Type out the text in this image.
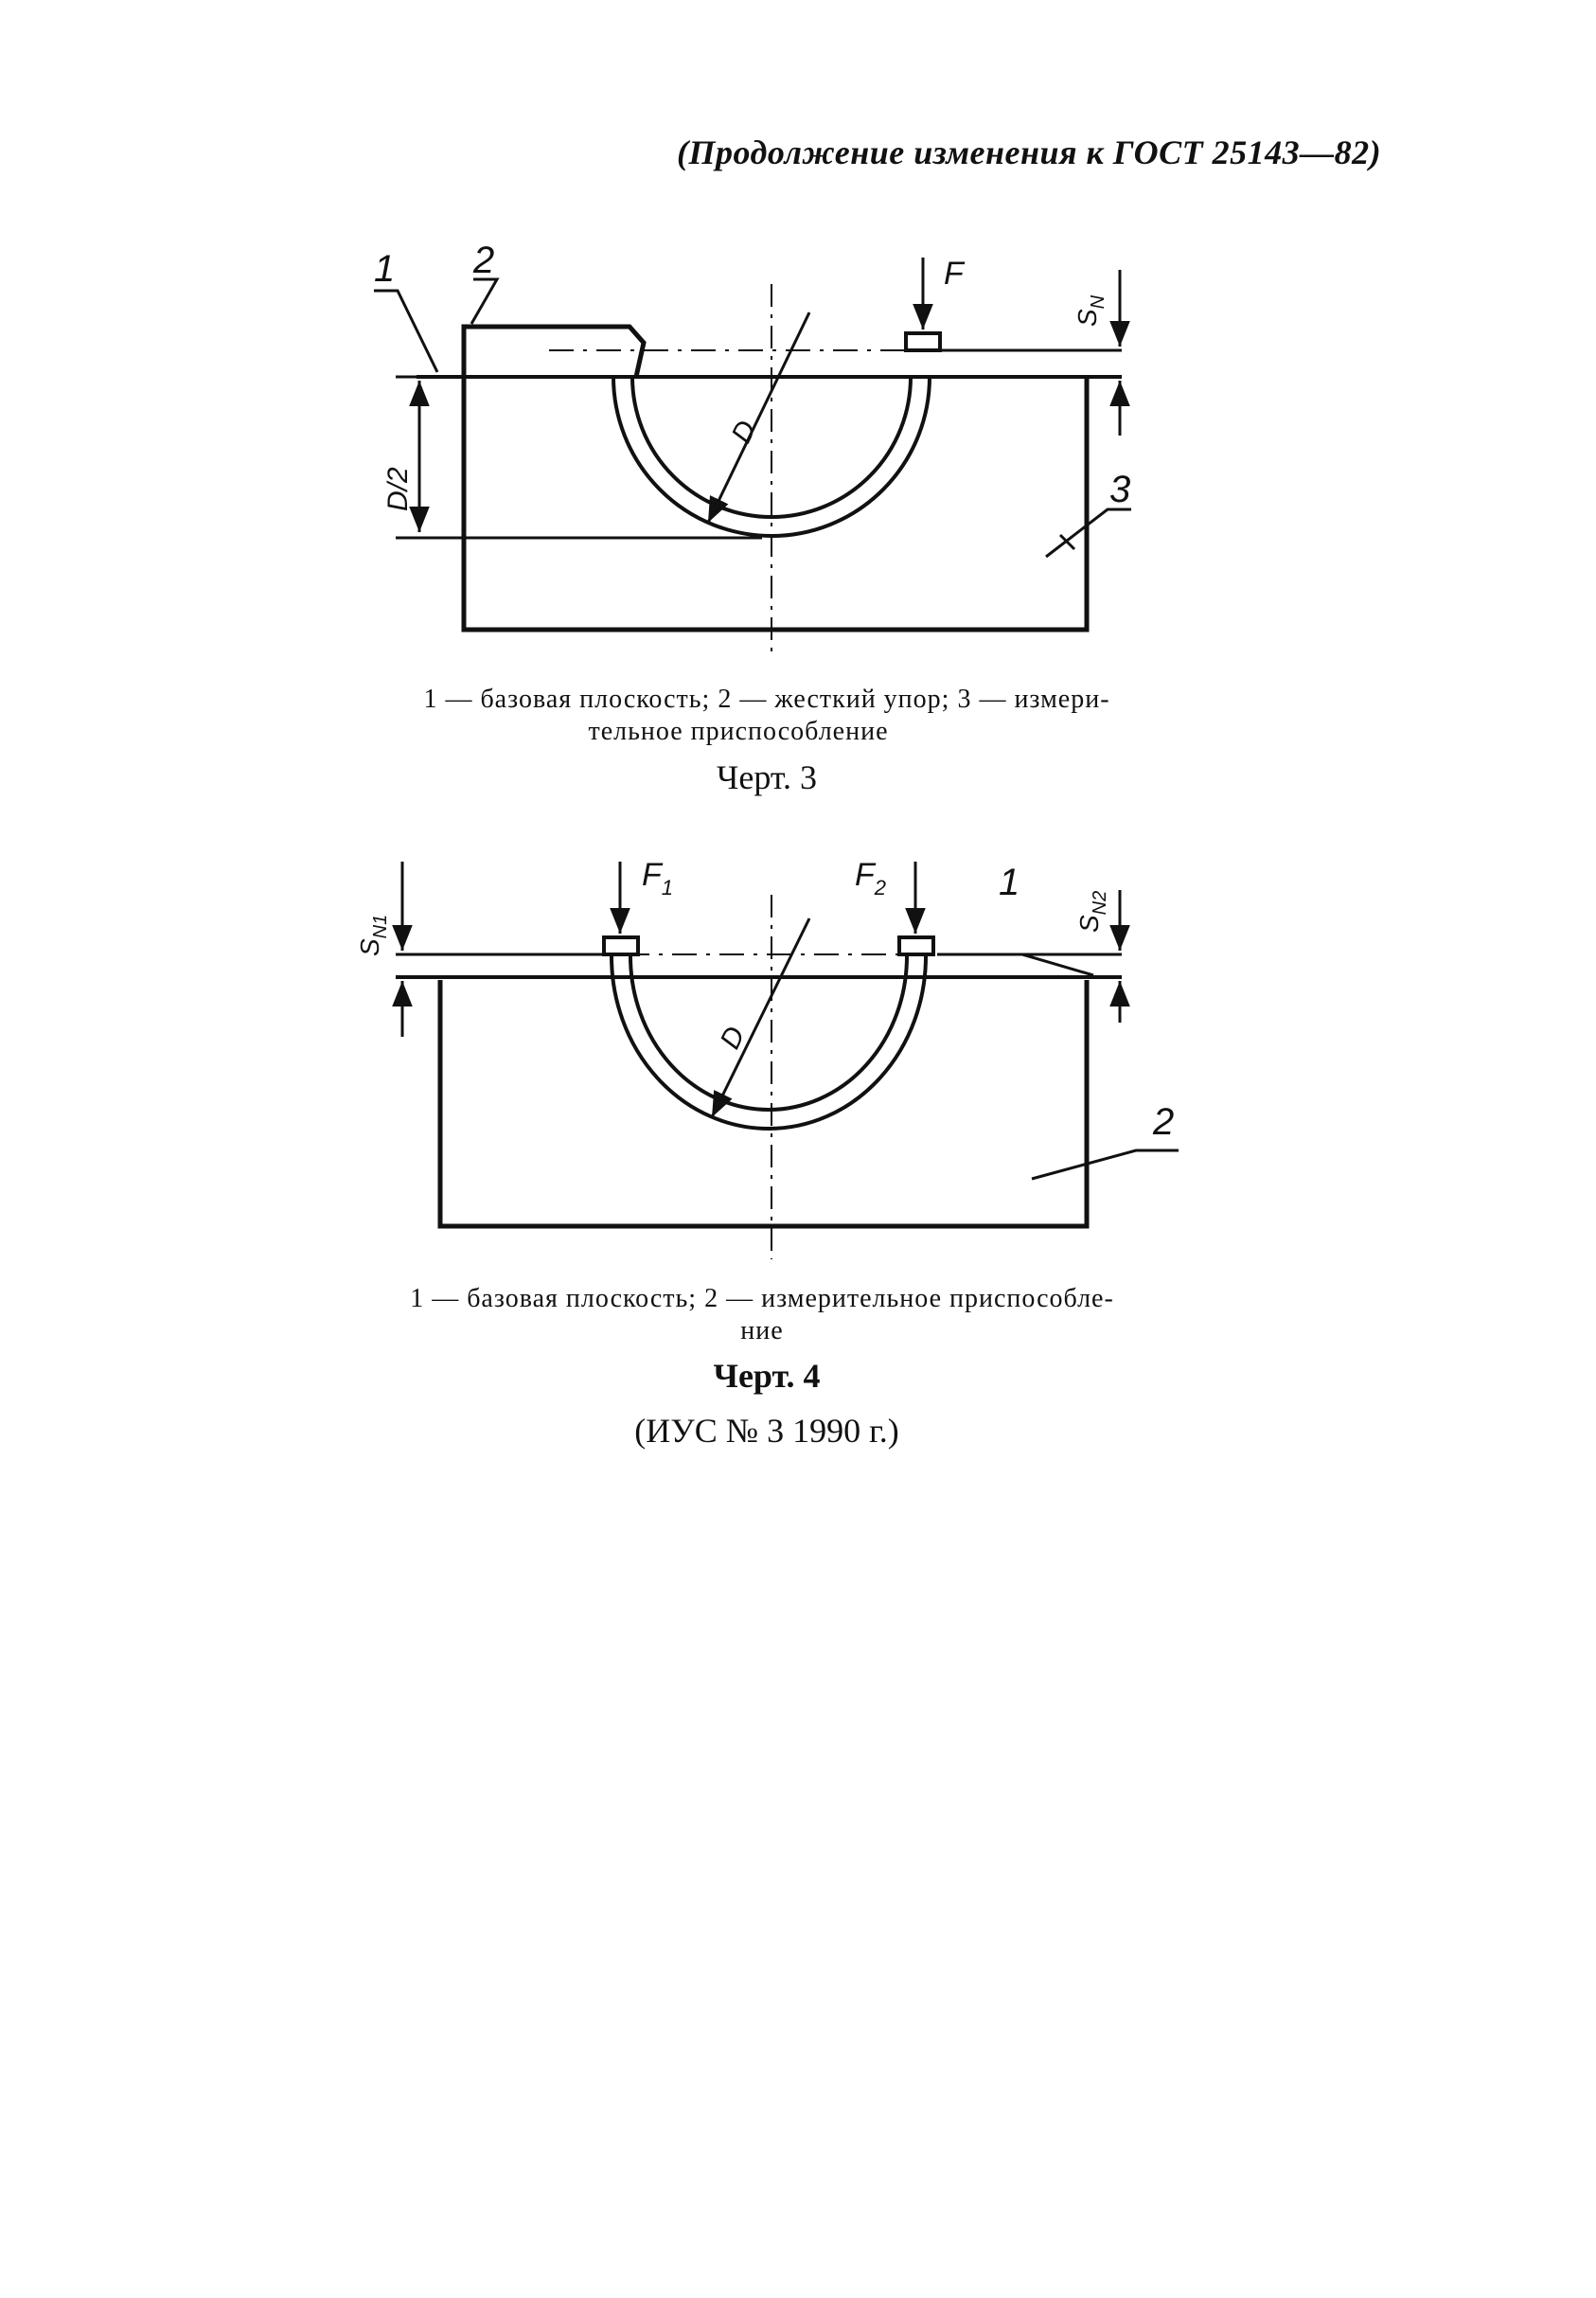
(Продолжение изменения к ГОСТ 25143—82)
1 2
3
F
$S_N$
D
D/2
1 — базовая плоскость; 2 — жесткий упор; 3 — измери-
тельное приспособление
Черт. 3
$F_1$	$F_2$	1
2
$S_{N1}$	$S_{N2}$
D
1 — базовая плоскость; 2 — измерительное приспособле-
ние
Черт. 4
(ИУС № 3 1990 г.)
